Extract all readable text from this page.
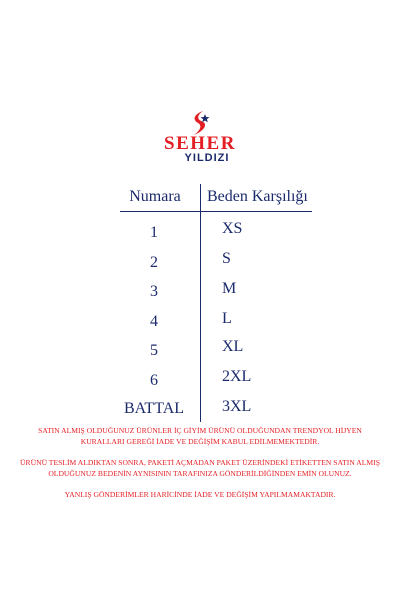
SEHER
YILDIZI
Numara	Beden Karşılığı
1	XS
2	S
3	M
4	L
5	XL
6	2XL
BATTAL	3XL

SATIN ALMIŞ OLDUĞUNUZ ÜRÜNLER İÇ GİYİM ÜRÜNÜ OLDUĞUNDAN TRENDYOL HİJYEN KURALLARI GEREĞİ İADE VE DEĞİŞİM KABUL EDİLMEMEKTEDİR.

ÜRÜNÜ TESLİM ALDIKTAN SONRA, PAKETİ AÇMADAN PAKET ÜZERİNDEKİ ETİKETTEN SATIN ALMIŞ OLDUĞUNUZ BEDENİN AYNISININ TARAFINIZA GÖNDERİLDİĞİNDEN EMİN OLUNUZ.

YANLIŞ GÖNDERİMLER HARİCİNDE İADE VE DEĞİŞİM YAPILMAMAKTADIR.
